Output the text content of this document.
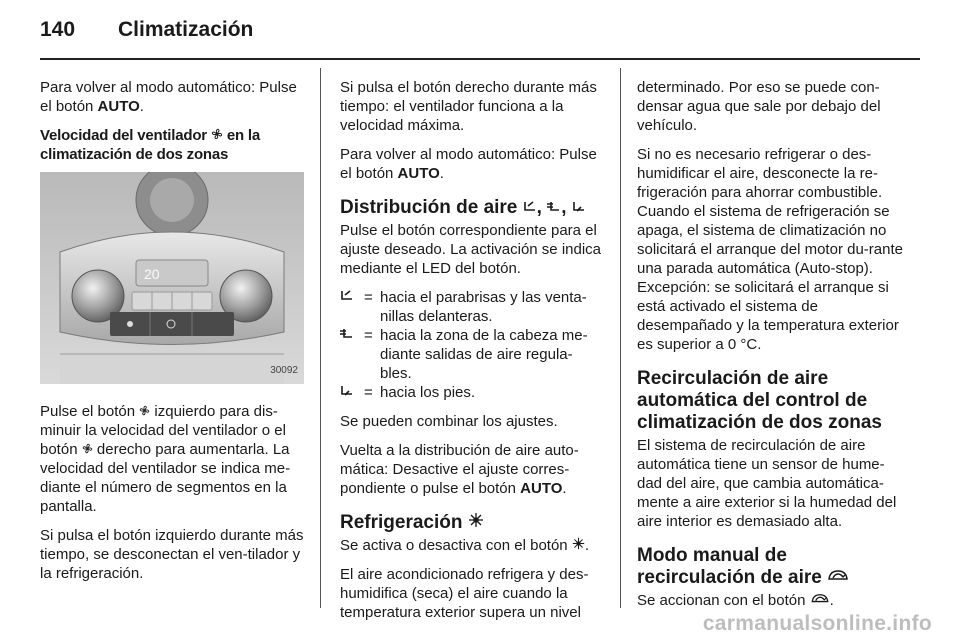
140 Climatización

Para volver al modo automático: Pulse el botón AUTO.

Velocidad del ventilador  en la climatización de dos zonas
20
30092

Pulse el botón  izquierdo para dis-minuir la velocidad del ventilador o el botón  derecho para aumentarla. La velocidad del ventilador se indica me-diante el número de segmentos en la pantalla.

Si pulsa el botón izquierdo durante más tiempo, se desconectan el ven-tilador y la refrigeración.

Si pulsa el botón derecho durante más tiempo: el ventilador funciona a la velocidad máxima.

Para volver al modo automático: Pulse el botón AUTO.

Distribución de aire , ,

Pulse el botón correspondiente para el ajuste deseado. La activación se indica mediante el LED del botón.

= hacia el parabrisas y las venta-nillas delanteras.
= hacia la zona de la cabeza me-diante salidas de aire regula-bles.
= hacia los pies.

Se pueden combinar los ajustes.

Vuelta a la distribución de aire auto-mática: Desactive el ajuste corres-pondiente o pulse el botón AUTO.

Refrigeración

Se activa o desactiva con el botón .

El aire acondicionado refrigera y des-humidifica (seca) el aire cuando la temperatura exterior supera un nivel

determinado. Por eso se puede con-densar agua que sale por debajo del vehículo.

Si no es necesario refrigerar o des-humidificar el aire, desconecte la re-frigeración para ahorrar combustible. Cuando el sistema de refrigeración se apaga, el sistema de climatización no solicitará el arranque del motor du-rante una parada automática (Auto-stop). Excepción: se solicitará el arranque si está activado el sistema de desempañado y la temperatura exterior es superior a 0 °C.

Recirculación de aire automática del control de climatización de dos zonas

El sistema de recirculación de aire automática tiene un sensor de hume-dad del aire, que cambia automática-mente a aire exterior si la humedad del aire interior es demasiado alta.

Modo manual de recirculación de aire

Se accionan con el botón .

carmanualsonline.info
